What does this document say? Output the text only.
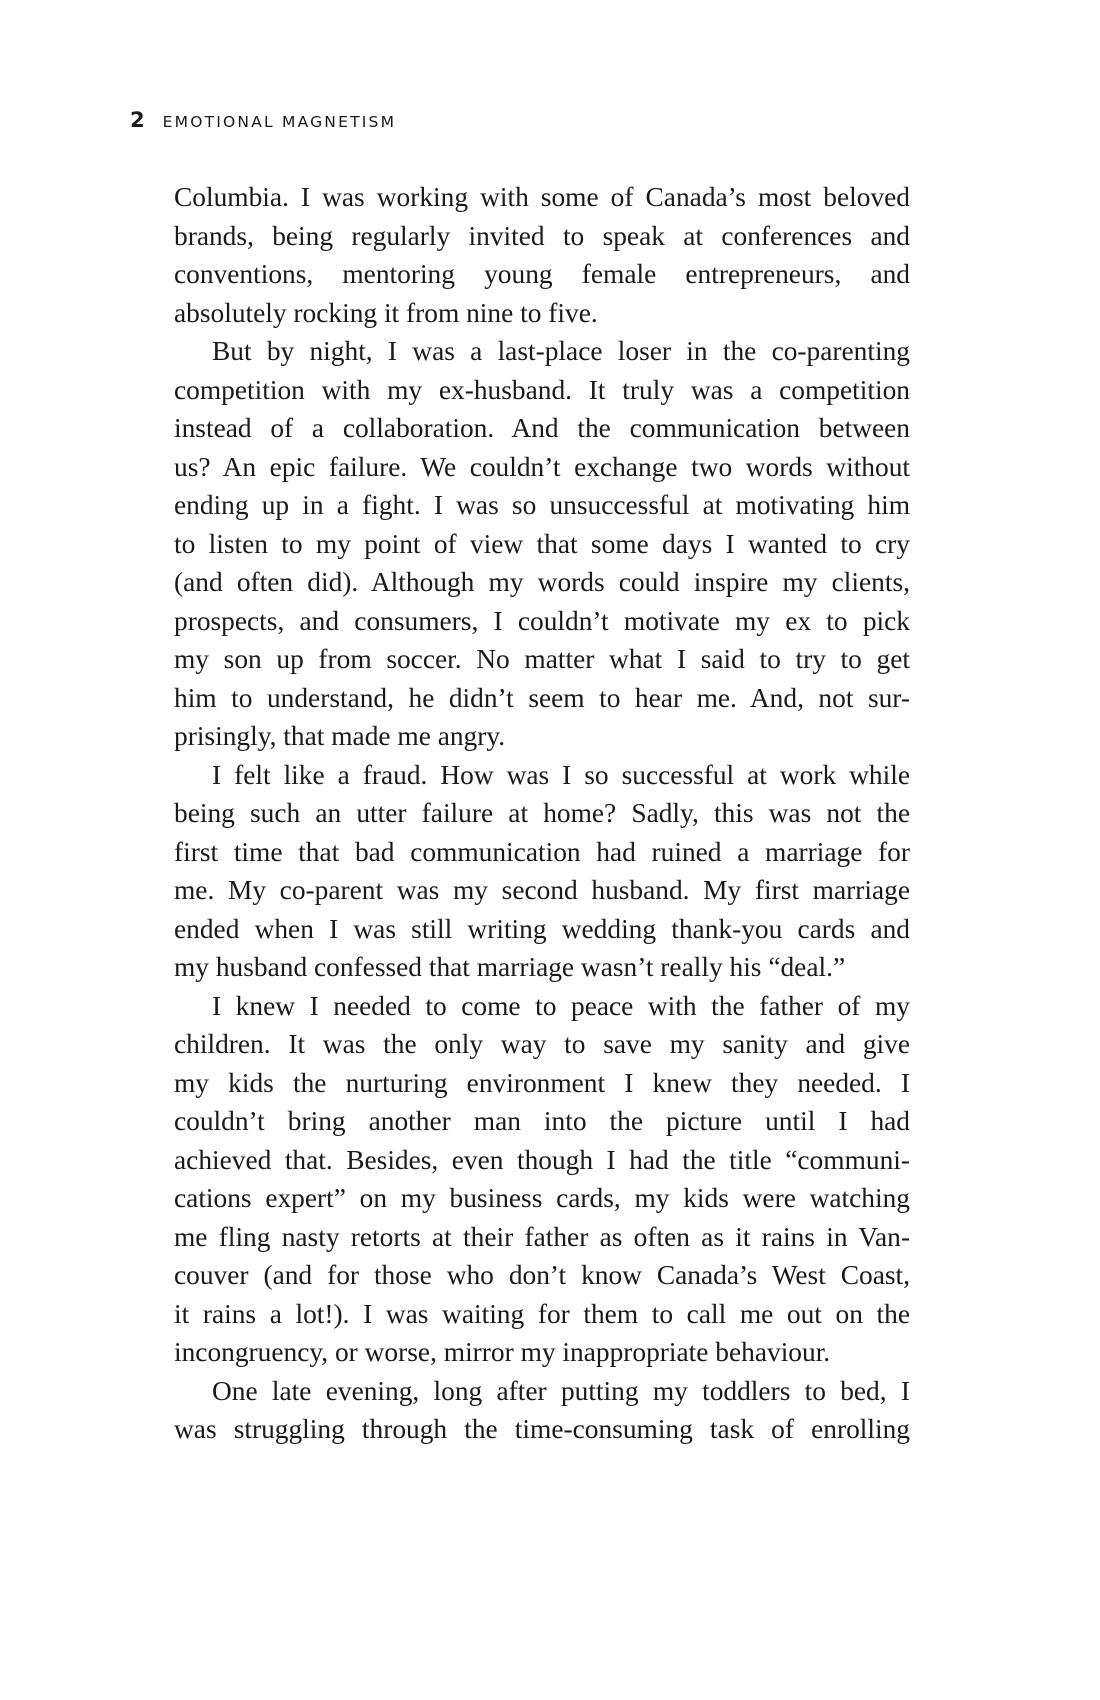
2 EMOTIONAL MAGNETISM
Columbia. I was working with some of Canada’s most beloved
brands, being regularly invited to speak at conferences and
conventions, mentoring young female entrepreneurs, and
absolutely rocking it from nine to five.
But by night, I was a last-place loser in the co-parenting
competition with my ex-husband. It truly was a competition
instead of a collaboration. And the communication between
us? An epic failure. We couldn’t exchange two words without
ending up in a fight. I was so unsuccessful at motivating him
to listen to my point of view that some days I wanted to cry
(and often did). Although my words could inspire my clients,
prospects, and consumers, I couldn’t motivate my ex to pick
my son up from soccer. No matter what I said to try to get
him to understand, he didn’t seem to hear me. And, not sur-
prisingly, that made me angry.
I felt like a fraud. How was I so successful at work while
being such an utter failure at home? Sadly, this was not the
first time that bad communication had ruined a marriage for
me. My co-parent was my second husband. My first marriage
ended when I was still writing wedding thank-you cards and
my husband confessed that marriage wasn’t really his “deal.”
I knew I needed to come to peace with the father of my
children. It was the only way to save my sanity and give
my kids the nurturing environment I knew they needed. I
couldn’t bring another man into the picture until I had
achieved that. Besides, even though I had the title “communi-
cations expert” on my business cards, my kids were watching
me fling nasty retorts at their father as often as it rains in Van-
couver (and for those who don’t know Canada’s West Coast,
it rains a lot!). I was waiting for them to call me out on the
incongruency, or worse, mirror my inappropriate behaviour.
One late evening, long after putting my toddlers to bed, I
was struggling through the time-consuming task of enrolling
